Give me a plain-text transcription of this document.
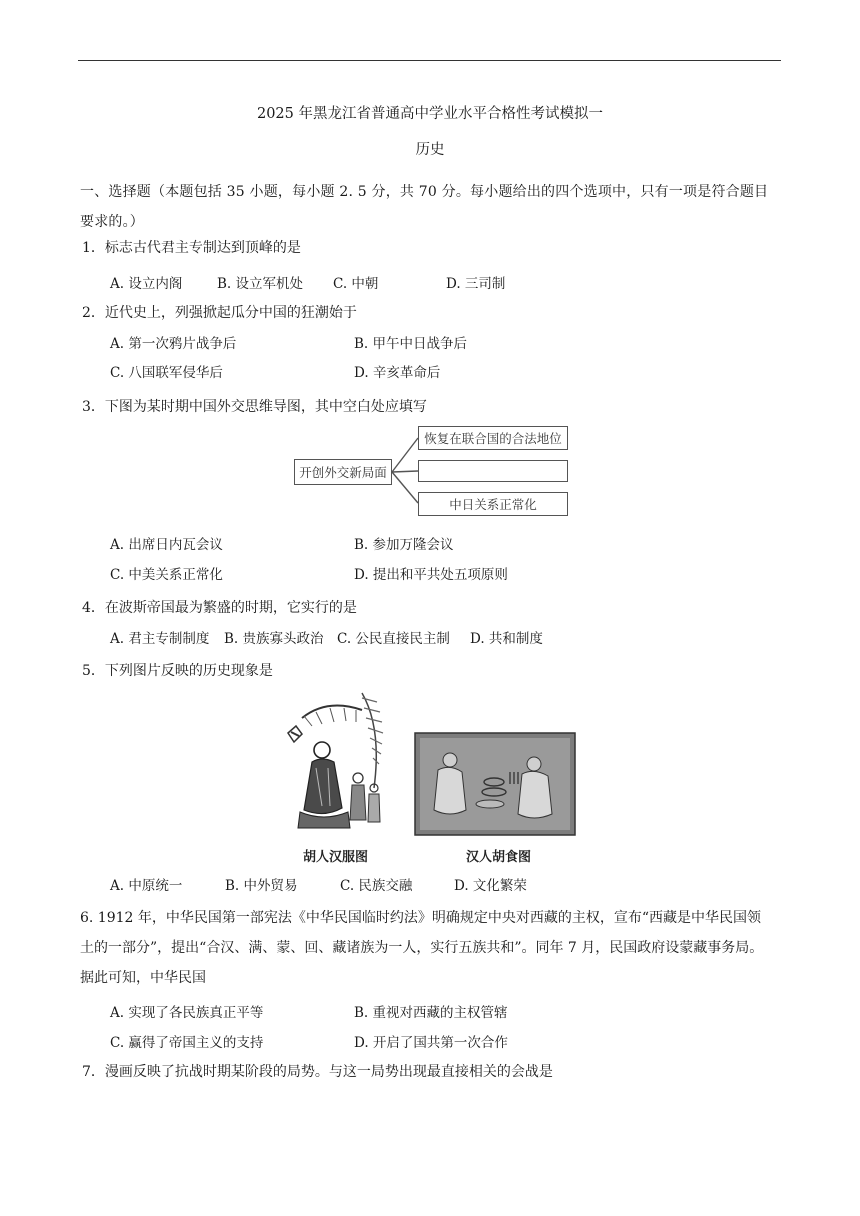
2025 年黑龙江省普通高中学业水平合格性考试模拟一
历史
一、选择题（本题包括 35 小题，每小题 2. 5 分，共 70 分。每小题给出的四个选项中，只有一项是符合题目要求的。）
1．标志古代君主专制达到顶峰的是
A. 设立内阁	B. 设立军机处 C. 中朝	D. 三司制
2．近代史上，列强掀起瓜分中国的狂潮始于
A. 第一次鸦片战争后	B. 甲午中日战争后
C. 八国联军侵华后	D. 辛亥革命后
3．下图为某时期中国外交思维导图，其中空白处应填写
开创外交新局面
恢复在联合国的合法地位
中日关系正常化
A. 出席日内瓦会议	B. 参加万隆会议
C. 中美关系正常化	D. 提出和平共处五项原则
4．在波斯帝国最为繁盛的时期，它实行的是
A. 君主专制制度 B. 贵族寡头政治 C. 公民直接民主制 D. 共和制度
5．下列图片反映的历史现象是
胡人汉服图	汉人胡食图
A. 中原统一	B. 中外贸易	C. 民族交融	D. 文化繁荣
6. 1912 年，中华民国第一部宪法《中华民国临时约法》明确规定中央对西藏的主权，宣布“西藏是中华民国领土的一部分”，提出“合汉、满、蒙、回、藏诸族为一人，实行五族共和”。同年 7 月，民国政府设蒙藏事务局。据此可知，中华民国
A. 实现了各民族真正平等	B. 重视对西藏的主权管辖
C. 赢得了帝国主义的支持	D. 开启了国共第一次合作
7．漫画反映了抗战时期某阶段的局势。与这一局势出现最直接相关的会战是
